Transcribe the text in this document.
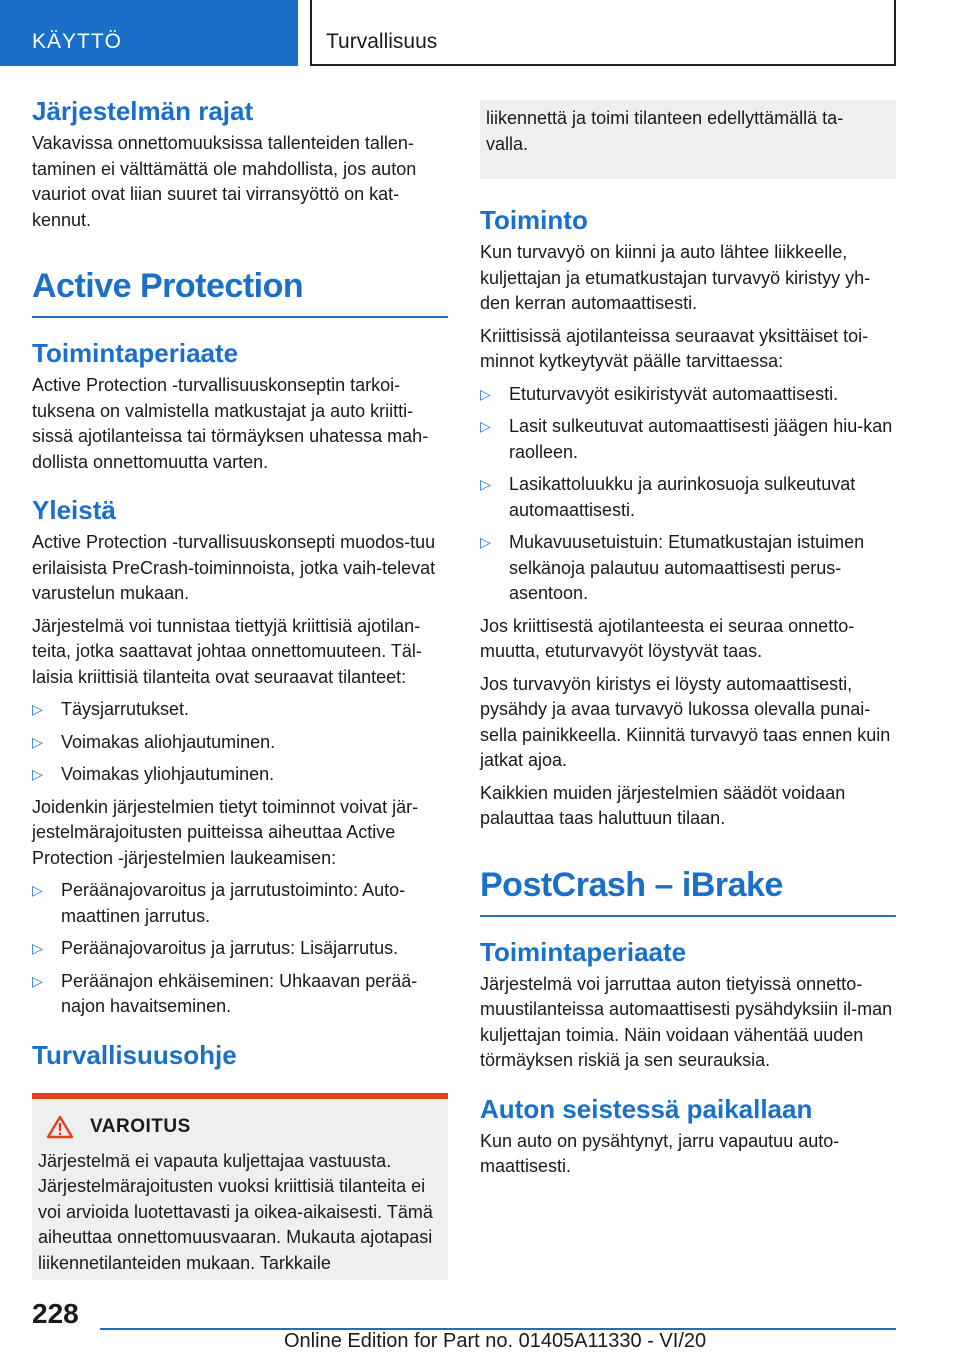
KÄYTTÖ	Turvallisuus
Järjestelmän rajat

Vakavissa onnettomuuksissa tallenteiden tallen-taminen ei välttämättä ole mahdollista, jos auton vauriot ovat liian suuret tai virransyöttö on kat-kennut.

Active Protection
Toimintaperiaate

Active Protection -turvallisuuskonseptin tarkoi-tuksena on valmistella matkustajat ja auto kriitti-sissä ajotilanteissa tai törmäyksen uhatessa mah-dollista onnettomuutta varten.

Yleistä

Active Protection -turvallisuuskonsepti muodos-tuu erilaisista PreCrash-toiminnoista, jotka vaih-televat varustelun mukaan.

Järjestelmä voi tunnistaa tiettyjä kriittisiä ajotilan-teita, jotka saattavat johtaa onnettomuuteen. Täl-laisia kriittisiä tilanteita ovat seuraavat tilanteet:

▷ Täysjarrutukset.
▷ Voimakas aliohjautuminen.
▷ Voimakas yliohjautuminen.

Joidenkin järjestelmien tietyt toiminnot voivat jär-jestelmärajoitusten puitteissa aiheuttaa Active Protection -järjestelmien laukeamisen:

▷ Peräänajovaroitus ja jarrutustoiminto: Auto-maattinen jarrutus.
▷ Peräänajovaroitus ja jarrutus: Lisäjarrutus.
▷ Peräänajon ehkäiseminen: Uhkaavan perää-najon havaitseminen.
Turvallisuusohje
VAROITUS

Järjestelmä ei vapauta kuljettajaa vastuusta. Järjestelmärajoitusten vuoksi kriittisiä tilanteita ei voi arvioida luotettavasti ja oikea-aikaisesti. Tämä aiheuttaa onnettomuusvaaran. Mukauta ajotapasi liikennetilanteiden mukaan. Tarkkaile

liikennettä ja toimi tilanteen edellyttämällä ta-valla.

Toiminto

Kun turvavyö on kiinni ja auto lähtee liikkeelle, kuljettajan ja etumatkustajan turvavyö kiristyy yh-den kerran automaattisesti.

Kriittisissä ajotilanteissa seuraavat yksittäiset toi-minnot kytkeytyvät päälle tarvittaessa:

▷ Etuturvavyöt esikiristyvät automaattisesti.
▷ Lasit sulkeutuvat automaattisesti jäägen hiu-kan raolleen.
▷ Lasikattoluukku ja aurinkosuoja sulkeutuvat automaattisesti.
▷ Mukavuusetuistuin: Etumatkustajan istuimen selkänoja palautuu automaattisesti perus-asentoon.

Jos kriittisestä ajotilanteesta ei seuraa onnetto-muutta, etuturvavyöt löystyvät taas.

Jos turvavyön kiristys ei löysty automaattisesti, pysähdy ja avaa turvavyö lukossa olevalla punai-sella painikkeella. Kiinnitä turvavyö taas ennen kuin jatkat ajoa.

Kaikkien muiden järjestelmien säädöt voidaan palauttaa taas haluttuun tilaan.

PostCrash – iBrake
Toimintaperiaate

Järjestelmä voi jarruttaa auton tietyissä onnetto-muustilanteissa automaattisesti pysähdyksiin il-man kuljettajan toimia. Näin voidaan vähentää uuden törmäyksen riskiä ja sen seurauksia.

Auton seistessä paikallaan

Kun auto on pysähtynyt, jarru vapautuu auto-maattisesti.

228
Online Edition for Part no. 01405A11330 - VI/20
